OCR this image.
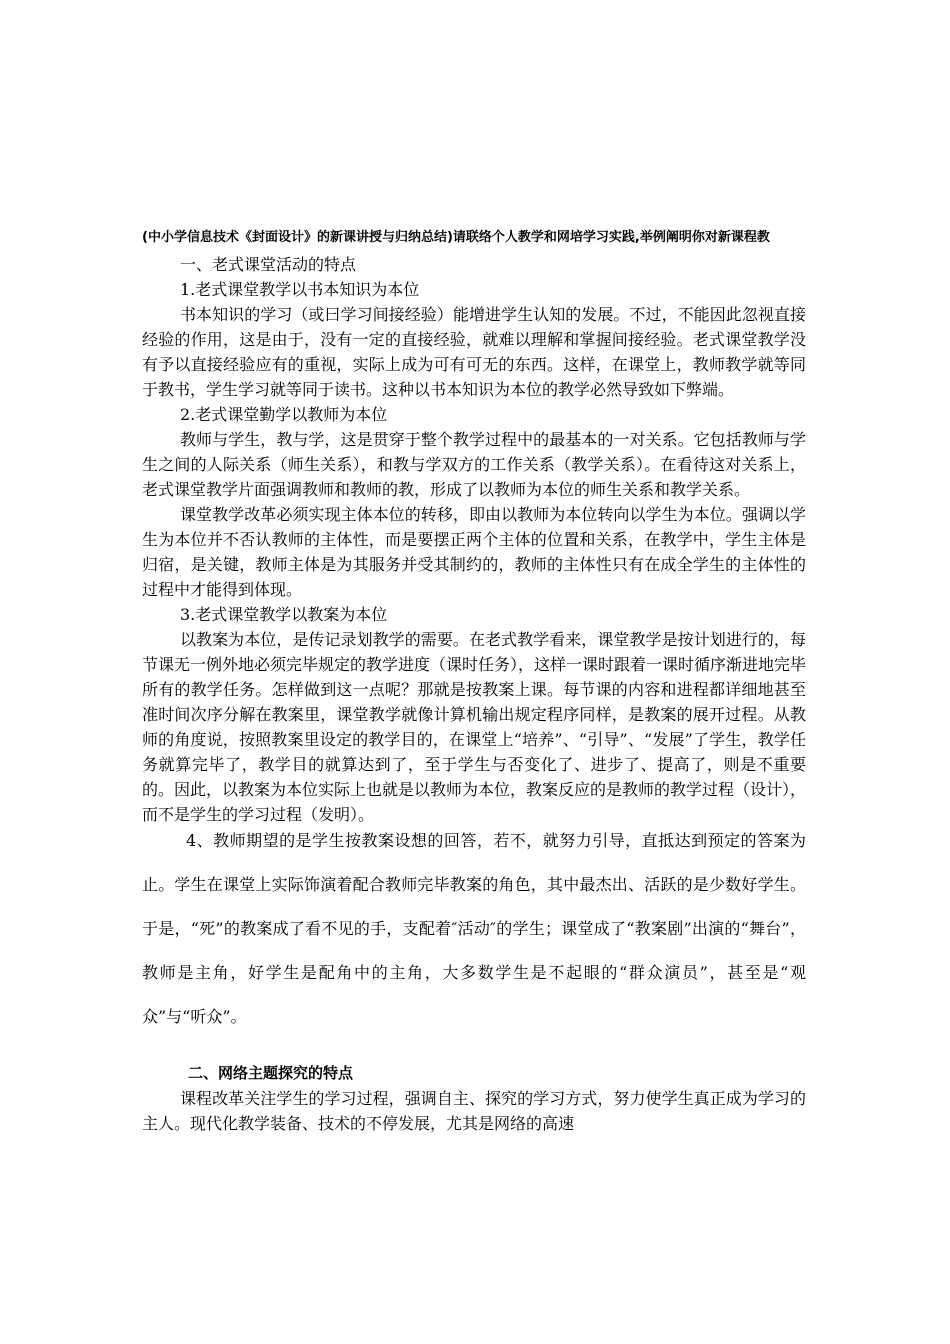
(中小学信息技术《封面设计》的新课讲授与归纳总结)请联络个人教学和网培学习实践,举例阐明你对新课程教

一、老式课堂活动的特点

1.老式课堂教学以书本知识为本位

书本知识的学习（或曰学习间接经验）能增进学生认知的发展。不过，不能因此忽视直接经验的作用，这是由于，没有一定的直接经验，就难以理解和掌握间接经验。老式课堂教学没有予以直接经验应有的重视，实际上成为可有可无的东西。这样，在课堂上，教师教学就等同于教书，学生学习就等同于读书。这种以书本知识为本位的教学必然导致如下弊端。

2.老式课堂勤学以教师为本位

教师与学生，教与学，这是贯穿于整个教学过程中的最基本的一对关系。它包括教师与学生之间的人际关系（师生关系），和教与学双方的工作关系（教学关系）。在看待这对关系上，老式课堂教学片面强调教师和教师的教，形成了以教师为本位的师生关系和教学关系。

课堂教学改革必须实现主体本位的转移，即由以教师为本位转向以学生为本位。强调以学生为本位并不否认教师的主体性，而是要摆正两个主体的位置和关系，在教学中，学生主体是归宿，是关键，教师主体是为其服务并受其制约的，教师的主体性只有在成全学生的主体性的过程中才能得到体现。

3.老式课堂教学以教案为本位

以教案为本位，是传记录划教学的需要。在老式教学看来，课堂教学是按计划进行的，每节课无一例外地必须完毕规定的教学进度（课时任务），这样一课时跟着一课时循序渐进地完毕所有的教学任务。怎样做到这一点呢？那就是按教案上课。每节课的内容和进程都详细地甚至准时间次序分解在教案里，课堂教学就像计算机输出规定程序同样，是教案的展开过程。从教师的角度说，按照教案里设定的教学目的，在课堂上“培养”、“引导”、“发展”了学生，教学任务就算完毕了，教学目的就算达到了，至于学生与否变化了、进步了、提高了，则是不重要的。因此，以教案为本位实际上也就是以教师为本位，教案反应的是教师的教学过程（设计），而不是学生的学习过程（发明）。

4、教师期望的是学生按教案设想的回答，若不，就努力引导，直抵达到预定的答案为止。学生在课堂上实际饰演着配合教师完毕教案的角色，其中最杰出、活跃的是少数好学生。于是，“死”的教案成了看不见的手，支配着″活动″的学生；课堂成了“教案剧”出演的“舞台”，教师是主角，好学生是配角中的主角，大多数学生是不起眼的“群众演员”，甚至是“观众”与“听众”。

二、网络主题探究的特点

课程改革关注学生的学习过程，强调自主、探究的学习方式，努力使学生真正成为学习的主人。现代化教学装备、技术的不停发展，尤其是网络的高速
